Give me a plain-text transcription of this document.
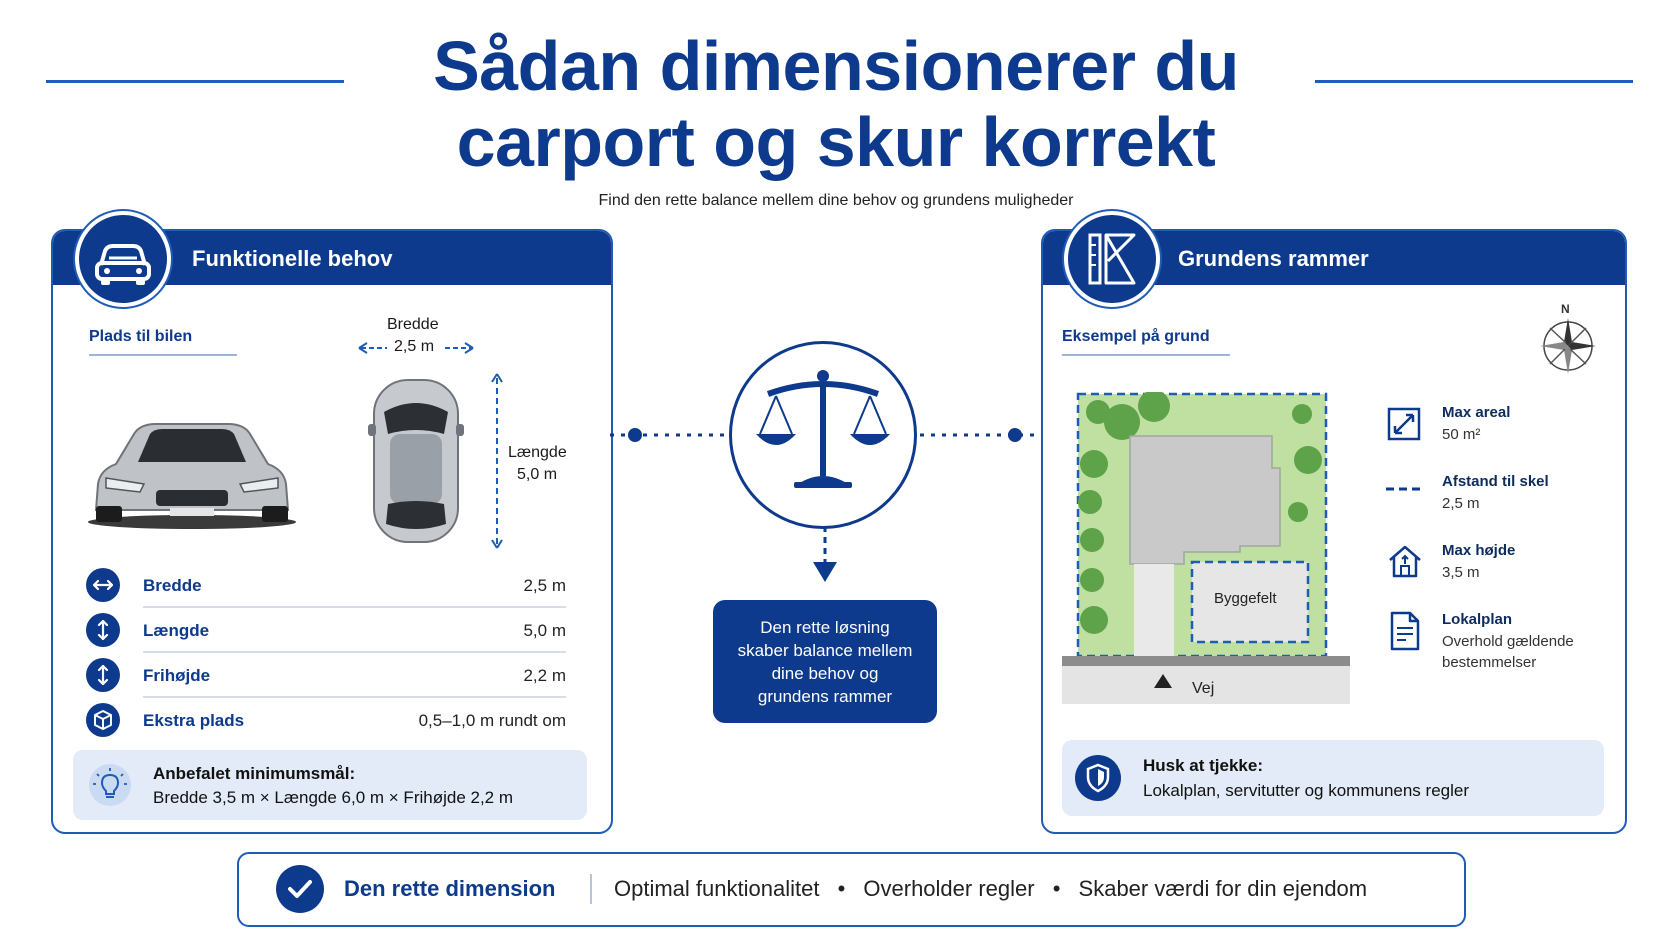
Sådan dimensionerer du
carport og skur korrekt
Find den rette balance mellem dine behov og grundens muligheder
Funktionelle behov
Plads til bilen
Bredde
2,5 m
Længde
5,0 m
Bredde	2,5 m
Længde	5,0 m
Frihøjde	2,2 m
Ekstra plads	0,5–1,0 m rundt om
Anbefalet minimumsmål:
Bredde 3,5 m × Længde 6,0 m × Frihøjde 2,2 m
Den rette løsning
skaber balance mellem
dine behov og
grundens rammer
Grundens rammer
Eksempel på grund
N
Byggefelt
Vej
Max areal
50 m²
Afstand til skel
2,5 m
Max højde
3,5 m
Lokalplan
Overhold gældende
bestemmelser
Husk at tjekke:
Lokalplan, servitutter og kommunens regler
Den rette dimension	Optimal funktionalitet • Overholder regler • Skaber værdi for din ejendom
